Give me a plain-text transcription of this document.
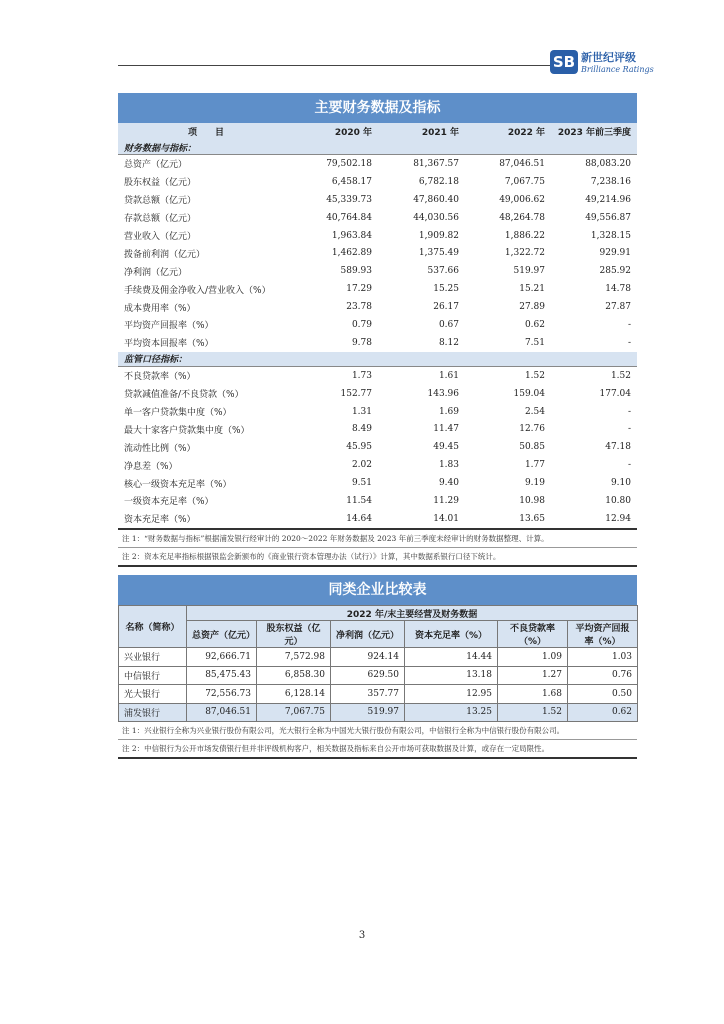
SB 新世纪评级
Brilliance Ratings
主要财务数据及指标
项　　目	2020 年	2021 年	2022 年	2023 年前三季度
财务数据与指标：				
总资产（亿元）	79,502.18	81,367.57	87,046.51	88,083.20
股东权益（亿元）	6,458.17	6,782.18	7,067.75	7,238.16
贷款总额（亿元）	45,339.73	47,860.40	49,006.62	49,214.96
存款总额（亿元）	40,764.84	44,030.56	48,264.78	49,556.87
营业收入（亿元）	1,963.84	1,909.82	1,886.22	1,328.15
拨备前利润（亿元）	1,462.89	1,375.49	1,322.72	929.91
净利润（亿元）	589.93	537.66	519.97	285.92
手续费及佣金净收入/营业收入（%）	17.29	15.25	15.21	14.78
成本费用率（%）	23.78	26.17	27.89	27.87
平均资产回报率（%）	0.79	0.67	0.62	-
平均资本回报率（%）	9.78	8.12	7.51	-
监管口径指标：				
不良贷款率（%）	1.73	1.61	1.52	1.52
贷款减值准备/不良贷款（%）	152.77	143.96	159.04	177.04
单一客户贷款集中度（%）	1.31	1.69	2.54	-
最大十家客户贷款集中度（%）	8.49	11.47	12.76	-
流动性比例（%）	45.95	49.45	50.85	47.18
净息差（%）	2.02	1.83	1.77	-
核心一级资本充足率（%）	9.51	9.40	9.19	9.10
一级资本充足率（%）	11.54	11.29	10.98	10.80
资本充足率（%）	14.64	14.01	13.65	12.94
注 1：“财务数据与指标”根据浦发银行经审计的 2020～2022 年财务数据及 2023 年前三季度未经审计的财务数据整理、计算。
注 2：资本充足率指标根据银监会新颁布的《商业银行资本管理办法（试行）》计算，其中数据系银行口径下统计。
同类企业比较表
名称（简称）	2022 年/末主要经营及财务数据					
	总资产（亿元）	股东权益（亿元）	净利润（亿元）	资本充足率（%）	不良贷款率（%）	平均资产回报率（%）
兴业银行	92,666.71	7,572.98	924.14	14.44	1.09	1.03
中信银行	85,475.43	6,858.30	629.50	13.18	1.27	0.76
光大银行	72,556.73	6,128.14	357.77	12.95	1.68	0.50
浦发银行	87,046.51	7,067.75	519.97	13.25	1.52	0.62
注 1：兴业银行全称为兴业银行股份有限公司，光大银行全称为中国光大银行股份有限公司，中信银行全称为中信银行股份有限公司。
注 2：中信银行为公开市场发债银行但并非评级机构客户，相关数据及指标来自公开市场可获取数据及计算，或存在一定局限性。
3
